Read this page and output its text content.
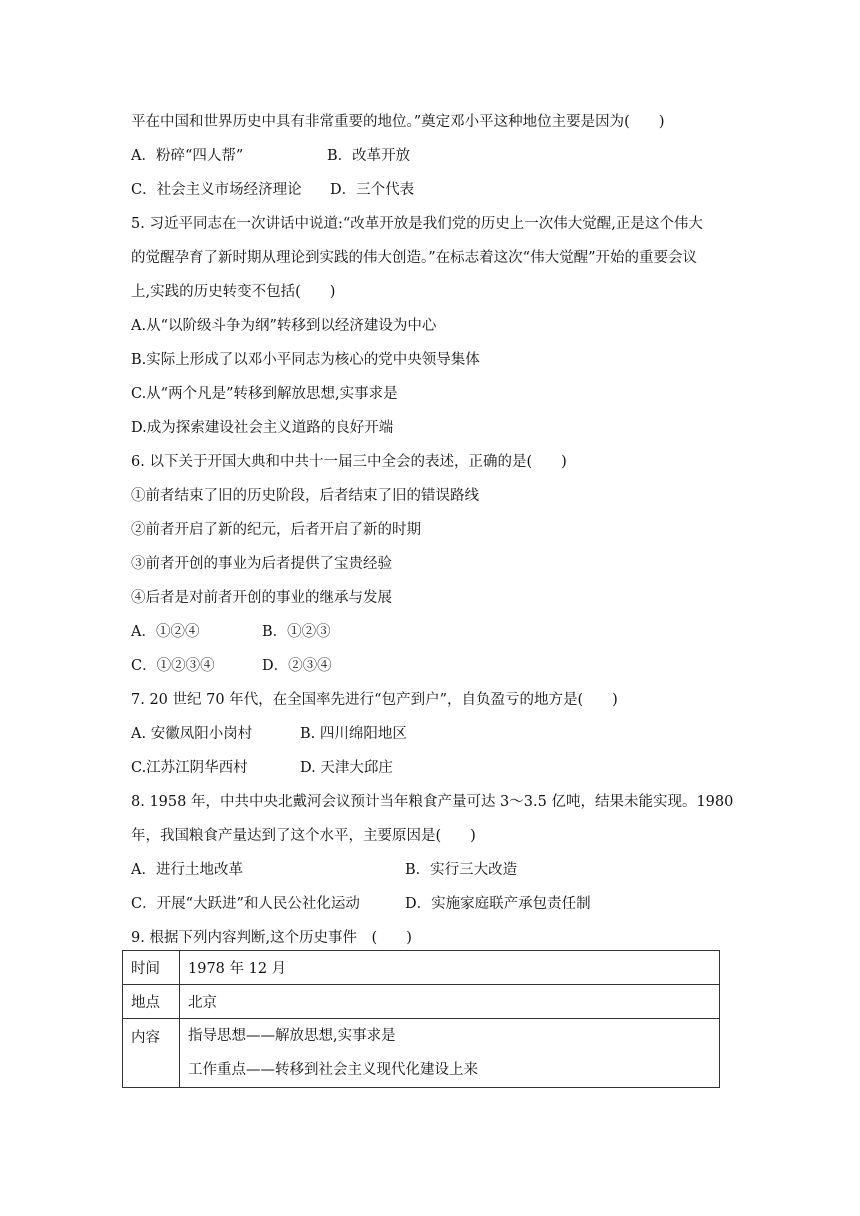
平在中国和世界历史中具有非常重要的地位。”奠定邓小平这种地位主要是因为(　　)
A．粉碎“四人帮”	B．改革开放
C．社会主义市场经济理论 D．三个代表
5. 习近平同志在一次讲话中说道:“改革开放是我们党的历史上一次伟大觉醒,正是这个伟大
的觉醒孕育了新时期从理论到实践的伟大创造。”在标志着这次“伟大觉醒”开始的重要会议
上,实践的历史转变不包括(　　)
A.从“以阶级斗争为纲”转移到以经济建设为中心
B.实际上形成了以邓小平同志为核心的党中央领导集体
C.从“两个凡是”转移到解放思想,实事求是
D.成为探索建设社会主义道路的良好开端
6. 以下关于开国大典和中共十一届三中全会的表述，正确的是(　　)
①前者结束了旧的历史阶段，后者结束了旧的错误路线
②前者开启了新的纪元，后者开启了新的时期
③前者开创的事业为后者提供了宝贵经验
④后者是对前者开创的事业的继承与发展
A．①②④	B．①②③
C．①②③④	D．②③④
7. 20 世纪 70 年代，在全国率先进行“包产到户”，自负盈亏的地方是(　　)
A. 安徽凤阳小岗村	B. 四川绵阳地区
C.江苏江阴华西村	D. 天津大邱庄
8. 1958 年，中共中央北戴河会议预计当年粮食产量可达 3～3.5 亿吨，结果未能实现。1980
年，我国粮食产量达到了这个水平，主要原因是(　　)
A．进行土地改革	B．实行三大改造
C．开展“大跃进”和人民公社化运动	D．实施家庭联产承包责任制
9. 根据下列内容判断,这个历史事件　(　　)
时间	1978 年 12 月
地点	北京
内容	指导思想——解放思想,实事求是
工作重点——转移到社会主义现代化建设上来
